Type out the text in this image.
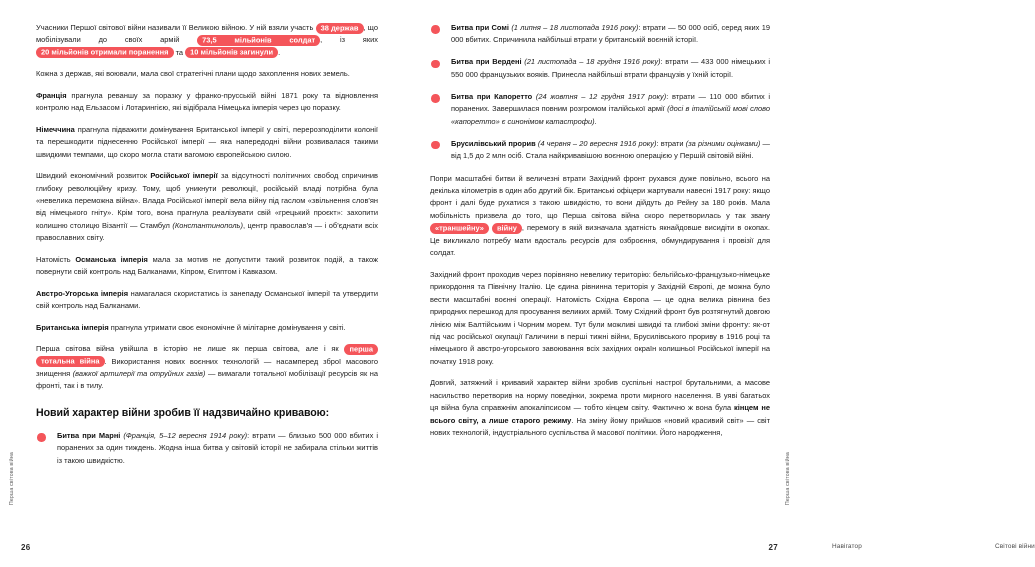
Перша світова війна

Учасники Першої світової війни називали її Великою війною. У ній взяли участь 38 держав , що мобілізували до своїх армій 73,5 мільйонів солдат , із яких 20 мільйонів отримали поранення та 10 мільйонів загинули .

Кожна з держав, які воювали, мала свої стратегічні плани щодо захоплення нових земель.

Франція прагнула реваншу за поразку у франко-прусській війні 1871 року та відновлення контролю над Ельзасом і Лотарингією, які відібрала Німецька імперія через цю поразку.

Німеччина прагнула підважити домінування Британської імперії у світі, перерозподілити колонії та перешкодити піднесенню Російської імперії — яка напередодні війни розвивалася такими швидкими темпами, що скоро могла стати вагомою європейською силою.

Швидкий економічний розвиток Російської імперії за відсутності політичних свобод спричинив глибоку революційну кризу. Тому, щоб уникнути революції, російській владі потрібна була «невелика переможна війна». Влада Російської імперії вела війну під гаслом «звільнення слов'ян від німецького гніту». Крім того, вона прагнула реалізувати свій «грецький проєкт»: захопити колишню столицю Візантії — Стамбул (Константинополь), центр православ'я — і об'єднати всіх православних світу.

Натомість Османська імперія мала за мотив не допустити такий розвиток подій, а також повернути свій контроль над Балканами, Кіпром, Єгиптом і Кавказом.

Австро-Угорська імперія намагалася скористатись із занепаду Османської імперії та утвердити свій контроль над Балканами.

Британська імперія прагнула утримати своє економічне й мілітарне домінування у світі.

Перша світова війна увійшла в історію не лише як перша світова, але і як перша тотальна війна . Використання нових воєнних технологій — насамперед зброї масового знищення (важкої артилерії та отруйних газів) — вимагали тотальної мобілізації ресурсів як на фронті, так і в тилу.

Новий характер війни зробив її надзвичайно кривавою:
Битва при Марні (Франція, 5–12 вересня 1914 року): втрати — близько 500 000 вбитих і поранених за один тиждень. Жодна інша битва у світовій історії не забирала стільки життів із такою швидкістю.
26
Перша світова війна
Битва при Сомі (1 липня – 18 листопада 1916 року): втрати — 50 000 осіб, серед яких 19 000 вбитих. Спричинила найбільші втрати у британській воєнній історії.
Битва при Вердені (21 листопада – 18 грудня 1916 року): втрати — 433 000 німецьких і 550 000 французьких вояків. Принесла найбільші втрати французів у їхній історії.
Битва при Капоретто (24 жовтня – 12 грудня 1917 року): втрати — 110 000 вбитих і поранених. Завершилася повним розгромом італійської армії (досі в італійській мові слово «капоретто» є синонімом катастрофи).
Брусилівський прорив (4 червня – 20 вересня 1916 року): втрати (за різними оцінками) — від 1,5 до 2 млн осіб. Стала найкривавішою воєнною операцією у Першій світовій війні.

Попри масштабні битви й величезні втрати Західний фронт рухався дуже повільно, всього на декілька кілометрів в один або другий бік. Британські офіцери жартували навесні 1917 року: якщо фронт і далі буде рухатися з такою швидкістю, то вони дійдуть до Рейну за 180 років. Мала мобільність призвела до того, що Перша світова війна скоро перетворилась у так звану «траншейну» війну , перемогу в якій визначала здатність якнайдовше висидіти в окопах. Це викликало потребу мати вдосталь ресурсів для озброєння, обмундирування і провізії для солдат.

Західний фронт проходив через порівняно невелику територію: бельгійсько-французько-німецьке прикордоння та Північну Італію. Це єдина рівнинна територія у Західній Європі, де можна було вести масштабні воєнні операції. Натомість Східна Європа — це одна велика рівнина без природних перешкод для просування великих армій. Тому Східний фронт був розтягнутий довгою лінією між Балтійським і Чорним морем. Тут були можливі швидкі та глибокі зміни фронту: як-от під час російської окупації Галичини в перші тижні війни, Брусилівського прориву в 1916 році та німецького й австро-угорського завоювання всіх західних окраїн колишньої Російської імперії на початку 1918 року.

Довгий, затяжний і кривавий характер війни зробив суспільні настрої брутальними, а масове насильство перетворив на норму поведінки, зокрема проти мирного населення. В уяві багатьох ця війна була справжнім апокаліпсисом — тобто кінцем світу. Фактично ж вона була кінцем не всього світу, а лише старого режиму. На зміну йому прийшов «новий красивий світ» — світ нових технологій, індустріального суспільства й масової політики. Його народження,

Навігатор	Світові війни
27
